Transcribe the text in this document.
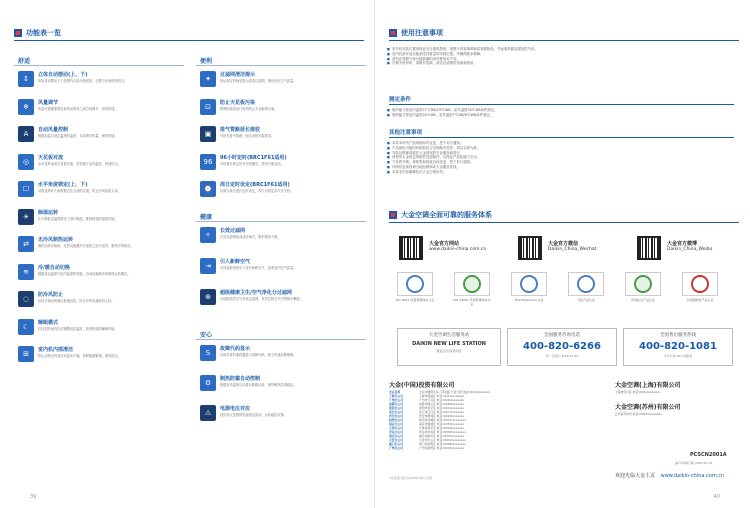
功能表一览
舒适
↕	立体自动摆动(上、下)
风向自动摆动上下范围内自如分配送风，让整个房间舒适均匀。
❄	风量调节
风量可根据需要在低风至高风之间分档调节，送风舒适。
A	自动风量控制
根据室温与设定温度的温差，自动调节风量，保持舒适。
◎	天花板对流
水平送风形成天花板对流，有效减少室内温差，舒适均匀。
☐	水平角度锁定(上、下)
可将送风叶片角度锁定在合适的位置，防止冷风直吹人体。
☀	除湿运转
在不降低室温的情况下进行除湿，维持舒适的湿度环境。
⇄	无冷风制热运转
制热运转开始时，在热交换器充分加热之前不送风，避免冷风吹出。
≋	冷/暖自动切换
根据设定温度与室内温度的差值，自动切换制冷或制热运转模式。
◌	防冷风防止
运转开始后风扇以低速运转，防止冷风直接吹向人体。
☾	睡眠模式
在设定时间内自动调整设定温度，营造舒适的睡眠环境。
⊞	室内机内部清洁
停止运转后内部自动送风干燥，抑制霉菌繁殖，保持清洁。
便利
✦	过滤网清洁提示
到达规定时间后提示清洁过滤网，保持良好空气质量。
⊡	防止天花板污染
特殊的送风设计有效防止天花板被污染。
▣	排气管路延长接驳
可延长排气管路，配合各种安装需求。
96	96小时定时(BRC1F61适用)
可设置多种定时开关机模式，使用方便灵活。
⌚	周日定时设定(BRC1F61适用)
以周为单位进行定时设定，每天可设定多次开关机。
健康
✧	长效过滤网
长效过滤网免清洁时间长，维护简单方便。
⇥	引入新鲜空气
可连接新风管引入室外新鲜空气，改善室内空气质量。
⊕	超级健康卫生/空气净化分过滤网
可选配高效空气净化过滤网，有效去除空气中的微小颗粒。
安心
S	故障代码显示
出现异常时遥控器显示故障代码，便于快速诊断维修。
⚙	制热防霜自动控制
根据室外温度自动进行除霜运转，保持制热效果稳定。
⚠	电源电压对应
适应较大范围的电源电压波动，运转稳定可靠。
39
使用注意事项
■ 室外机安装位置请保证充分通风散热，周围不得有障碍物或易燃物品，并远离热源及腐蚀性气体。
■ 室内机请安装在能承受其重量的牢固位置，并确保排水顺畅。
■ 请勿在易燃气体可能泄漏的场所使用本产品。
■ 长期不使用时，请断开电源，清洁过滤网后再重新使用。
测定条件
■ 制冷能力按室内温度27℃DB/19℃WB、室外温度35℃DB条件测定。
■ 制热能力按室内温度20℃DB、室外温度7℃DB/6℃WB条件测定。
其他注意事项
■ 本样本所列产品规格如有变更，恕不另行通知。
■ 产品颜色可能因印刷原因与实物略有差异，请以实物为准。
■ 安装及维修请委托大金授权的专业服务商进行。
■ 请使用大金指定的配件及选购件，以保证产品性能与安全。
■ 产品的外观、规格等如因改良而变更，恕不另行通知。
■ 详细信息请咨询当地经销商或大金服务热线。
■ 本样本内容解释权归大金空调所有。
大金空调全面可靠的服务体系
大金官方网站
www.daikin-china.com.cn
大金官方微信
Daikin_China_Wechat
大金官方微博
Daikin_China_Weibo
ISO 9001 质量管理体系认证	ISO 14001 环境管理体系认证
TÜV Rheinland 认证	节能产品认证	环境标志产品认证	中国强制性产品认证
大金空调生活服务站
DAIKIN NEW LIFE STATION
覆盖全国 服务网络
全国服务咨询电话
400-820-6266
周一至周日 8:00-17:45
全国售后服务热线
400-820-1081
全年无休 24小时服务
大金(中国)投资有限公司
北京总部	北京市朝阳区东三环北路 大金大厦 电话:(010)xxxxxxxx
上海分公司	上海市黄浦区 电话:(021)xxxxxxxx
广州分公司	广州市天河区 电话:(020)xxxxxxxx
成都分公司	成都市锦江区 电话:(028)xxxxxxxx
沈阳分公司	沈阳市和平区 电话:(024)xxxxxxxx
武汉分公司	武汉市江汉区 电话:(027)xxxxxxxx
西安分公司	西安市碑林区 电话:(029)xxxxxxxx
杭州分公司	杭州市西湖区 电话:(0571)xxxxxxxx
南京分公司	南京市鼓楼区 电话:(025)xxxxxxxx
天津分公司	天津市和平区 电话:(022)xxxxxxxx
青岛分公司	青岛市市南区 电话:(0532)xxxxxxxx
重庆分公司	重庆市渝中区 电话:(023)xxxxxxxx
大连分公司	大连市中山区 电话:(0411)xxxxxxxx
厦门分公司	厦门市思明区 电话:(0592)xxxxxxxx
广州分公司	广州市越秀区 电话:(020)xxxxxxxx
大金空调(上海)有限公司
上海市闵行区 电话:(021)xxxxxxxx
大金空调(苏州)有限公司
江苏省苏州市 电话:(0512)xxxxxxxx
PCSCN2001A
编号/印刷日期 2020.10 A5
欢迎光临大金主页 www.daikin-china.com.cn
*本目录内容以2020年10月为准
40
